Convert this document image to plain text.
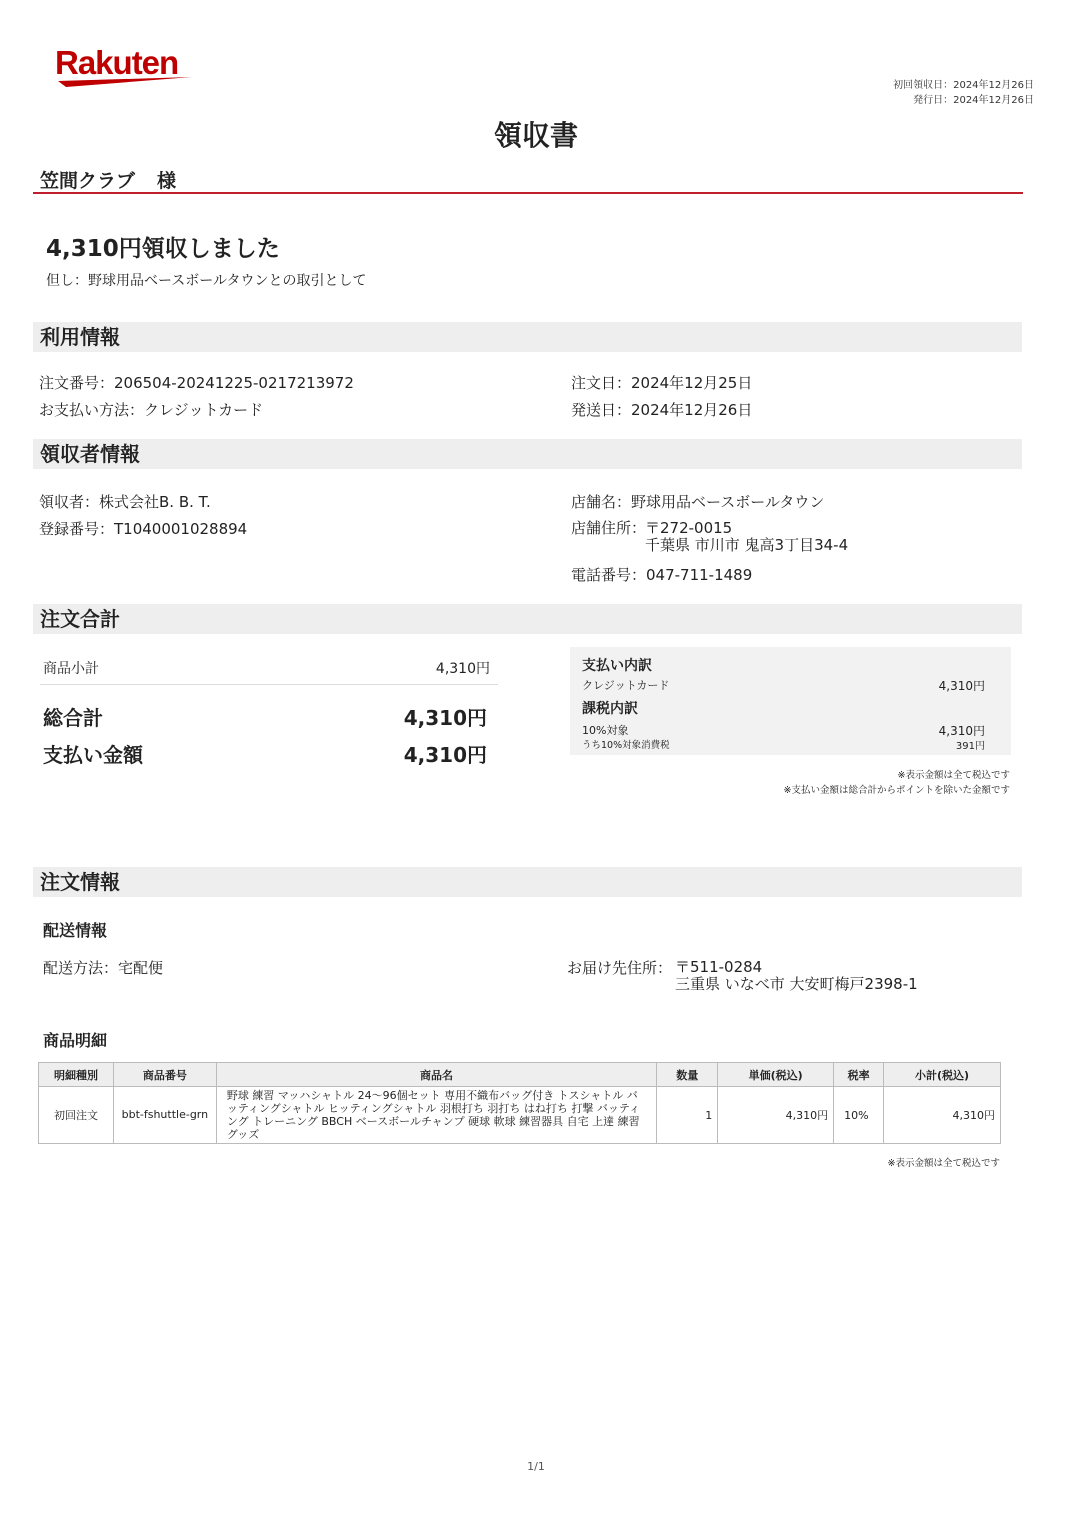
Rakuten
初回領収日：2024年12月26日
発行日：2024年12月26日
領収書
笠間クラブ 様
4,310円領収しました
但し：野球用品ベースボールタウンとの取引として
利用情報
注文番号：206504-20241225-0217213972
お支払い方法：クレジットカード
注文日：2024年12月25日
発送日：2024年12月26日
領収者情報
領収者：株式会社B. B. T.
登録番号：T1040001028894
店舗名：野球用品ベースボールタウン
店舗住所：
〒272-0015
千葉県 市川市 鬼高3丁目34-4
電話番号：047-711-1489
注文合計
商品小計	4,310円
総合計	4,310円
支払い金額	4,310円
支払い内訳
クレジットカード	4,310円
課税内訳
10%対象	4,310円
うち10%対象消費税	391円
※表示金額は全て税込です
※支払い金額は総合計からポイントを除いた金額です
注文情報
配送情報
配送方法：宅配便	お届け先住所： 〒511-0284
三重県 いなべ市 大安町梅戸2398-1
商品明細
明細種別	商品番号	商品名	数量	単価(税込)	税率	小計(税込)
初回注文	bbt-fshuttle-grn	野球 練習 マッハシャトル 24〜96個セット 専用不織布バッグ付き トスシャトル バッティングシャトル ヒッティングシャトル 羽根打ち 羽打ち はね打ち 打撃 バッティング トレーニング BBCH ベースボールチャンプ 硬球 軟球 練習器具 自宅 上達 練習グッズ	1	4,310円	10%	4,310円
※表示金額は全て税込です
1/1
